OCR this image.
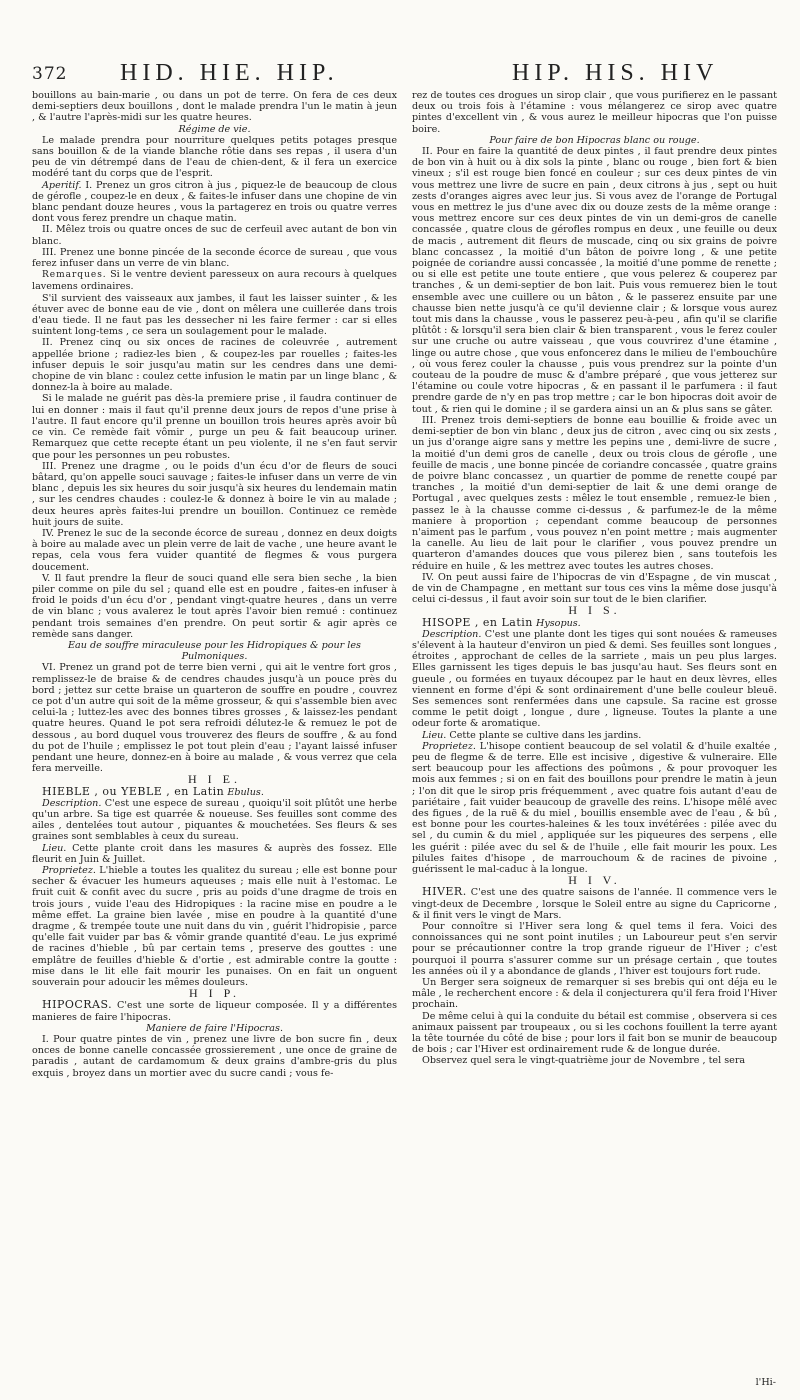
372 HID. HIE. HIP.	HIP. HIS. HIV

bouillons au bain-marie , ou dans un pot de terre. On fera de ces deux demi-septiers deux bouillons , dont le malade prendra l'un le matin à jeun , & l'autre l'après-midi sur les quatre heures.

Régime de vie.

Le malade prendra pour nourriture quelques petits potages presque sans bouillon & de la viande blanche rôtie dans ses repas , il usera d'un peu de vin détrempé dans de l'eau de chien-dent, & il fera un exercice modéré tant du corps que de l'esprit.

Aperitif. I. Prenez un gros citron à jus , piquez-le de beaucoup de clous de gérofle , coupez-le en deux , & faites-le infuser dans une chopine de vin blanc pendant douze heures , vous la partagerez en trois ou quatre verres dont vous ferez prendre un chaque matin.

II. Mêlez trois ou quatre onces de suc de cerfeuil avec autant de bon vin blanc.

III. Prenez une bonne pincée de la seconde écorce de sureau , que vous ferez infuser dans un verre de vin blanc.

Remarques. Si le ventre devient paresseux on aura recours à quelques lavemens ordinaires.

S'il survient des vaisseaux aux jambes, il faut les laisser suinter , & les étuver avec de bonne eau de vie , dont on mêlera une cuillerée dans trois d'eau tiede. Il ne faut pas les dessecher ni les faire fermer : car si elles suintent long-tems , ce sera un soulagement pour le malade.

II. Prenez cinq ou six onces de racines de coleuvrée , autrement appellée brione ; radiez-les bien , & coupez-les par rouelles ; faites-les infuser depuis le soir jusqu'au matin sur les cendres dans une demi-chopine de vin blanc : coulez cette infusion le matin par un linge blanc , & donnez-la à boire au malade.

Si le malade ne guérit pas dès-la premiere prise , il faudra continuer de lui en donner : mais il faut qu'il prenne deux jours de repos d'une prise à l'autre. Il faut encore qu'il prenne un bouillon trois heures après avoir bû ce vin. Ce remède fait vômir , purge un peu & fait beaucoup uriner. Remarquez que cette recepte étant un peu violente, il ne s'en faut servir que pour les personnes un peu robustes.

III. Prenez une dragme , ou le poids d'un écu d'or de fleurs de souci bâtard, qu'on appelle souci sauvage ; faites-le infuser dans un verre de vin blanc , depuis les six heures du soir jusqu'à six heures du lendemain matin , sur les cendres chaudes : coulez-le & donnez à boire le vin au malade ; deux heures après faites-lui prendre un bouillon. Continuez ce remède huit jours de suite.

IV. Prenez le suc de la seconde écorce de sureau , donnez en deux doigts à boire au malade avec un plein verre de lait de vache , une heure avant le repas, cela vous fera vuider quantité de flegmes & vous purgera doucement.

V. Il faut prendre la fleur de souci quand elle sera bien seche , la bien piler comme on pile du sel ; quand elle est en poudre , faites-en infuser à froid le poids d'un écu d'or , pendant vingt-quatre heures , dans un verre de vin blanc ; vous avalerez le tout après l'avoir bien remué : continuez pendant trois semaines d'en prendre. On peut sortir & agir après ce remède sans danger.

Eau de souffre miraculeuse pour les Hidropiques & pour les Pulmoniques.

VI. Prenez un grand pot de terre bien verni , qui ait le ventre fort gros , remplissez-le de braise & de cendres chaudes jusqu'à un pouce près du bord ; jettez sur cette braise un quarteron de souffre en poudre , couvrez ce pot d'un autre qui soit de la même grosseur, & qui s'assemble bien avec celui-la ; luttez-les avec des bonnes tibres grosses , & laissez-les pendant quatre heures. Quand le pot sera refroidi délutez-le & remuez le pot de dessous , au bord duquel vous trouverez des fleurs de souffre , & au fond du pot de l'huile ; emplissez le pot tout plein d'eau ; l'ayant laissé infuser pendant une heure, donnez-en à boire au malade , & vous verrez que cela fera merveille.

H I E.

HIEBLE , ou YEBLE , en Latin Ebulus.

Description. C'est une espece de sureau , quoiqu'il soit plûtôt une herbe qu'un arbre. Sa tige est quarrée & noueuse. Ses feuilles sont comme des ailes , dentelées tout autour , piquantes & mouchetées. Ses fleurs & ses graines sont semblables à ceux du sureau.

Lieu. Cette plante croit dans les masures & auprès des fossez. Elle fleurit en Juin & Juillet.

Proprietez. L'hieble a toutes les qualitez du sureau ; elle est bonne pour secher & évacuer les humeurs aqueuses ; mais elle nuit à l'estomac. Le fruit cuit & confit avec du sucre , pris au poids d'une dragme de trois en trois jours , vuide l'eau des Hidropiques : la racine mise en poudre a le même effet. La graine bien lavée , mise en poudre à la quantité d'une dragme , & trempée toute une nuit dans du vin , guérit l'hidropisie , parce qu'elle fait vuider par bas & vômir grande quantité d'eau. Le jus exprimé de racines d'hieble , bû par certain tems , preserve des gouttes : une emplâtre de feuilles d'hieble & d'ortie , est admirable contre la goutte : mise dans le lit elle fait mourir les punaises. On en fait un onguent souverain pour adoucir les mêmes douleurs.

H I P.

HIPOCRAS. C'est une sorte de liqueur composée. Il y a différentes manieres de faire l'hipocras.

Maniere de faire l'Hipocras.

I. Pour quatre pintes de vin , prenez une livre de bon sucre fin , deux onces de bonne canelle concassée grossierement , une once de graine de paradis , autant de cardamomum & deux grains d'ambre-gris du plus exquis , broyez dans un mortier avec du sucre candi ; vous fe-

rez de toutes ces drogues un sirop clair , que vous purifierez en le passant deux ou trois fois à l'étamine : vous mélangerez ce sirop avec quatre pintes d'excellent vin , & vous aurez le meilleur hipocras que l'on puisse boire.

Pour faire de bon Hipocras blanc ou rouge.

II. Pour en faire la quantité de deux pintes , il faut prendre deux pintes de bon vin à huit ou à dix sols la pinte , blanc ou rouge , bien fort & bien vineux ; s'il est rouge bien foncé en couleur ; sur ces deux pintes de vin vous mettrez une livre de sucre en pain , deux citrons à jus , sept ou huit zests d'oranges aigres avec leur jus. Si vous avez de l'orange de Portugal vous en mettrez le jus d'une avec dix ou douze zests de la même orange : vous mettrez encore sur ces deux pintes de vin un demi-gros de canelle concassée , quatre clous de gérofles rompus en deux , une feuille ou deux de macis , autrement dit fleurs de muscade, cinq ou six grains de poivre blanc concassez , la moitié d'un bâton de poivre long , & une petite poignée de coriandre aussi concassée , la moitié d'une pomme de renette ; ou si elle est petite une toute entiere , que vous pelerez & couperez par tranches , & un demi-septier de bon lait. Puis vous remuerez bien le tout ensemble avec une cuillere ou un bâton , & le passerez ensuite par une chausse bien nette jusqu'à ce qu'il devienne clair ; & lorsque vous aurez tout mis dans la chausse , vous le passerez peu-à-peu , afin qu'il se clarifie plûtôt : & lorsqu'il sera bien clair & bien transparent , vous le ferez couler sur une cruche ou autre vaisseau , que vous couvrirez d'une étamine , linge ou autre chose , que vous enfoncerez dans le milieu de l'embouchûre , où vous ferez couler la chausse , puis vous prendrez sur la pointe d'un couteau de la poudre de musc & d'ambre préparé , que vous jetterez sur l'étamine ou coule votre hipocras , & en passant il le parfumera : il faut prendre garde de n'y en pas trop mettre ; car le bon hipocras doit avoir de tout , & rien qui le domine ; il se gardera ainsi un an & plus sans se gâter.

III. Prenez trois demi-septiers de bonne eau bouillie & froide avec un demi-septier de bon vin blanc , deux jus de citron , avec cinq ou six zests , un jus d'orange aigre sans y mettre les pepins une , demi-livre de sucre , la moitié d'un demi gros de canelle , deux ou trois clous de gérofle , une feuille de macis , une bonne pincée de coriandre concassée , quatre grains de poivre blanc concassez , un quartier de pomme de renette coupé par tranches , la moitié d'un demi-septier de lait & une demi orange de Portugal , avec quelques zests : mêlez le tout ensemble , remuez-le bien , passez le à la chausse comme ci-dessus , & parfumez-le de la même maniere à proportion ; cependant comme beaucoup de personnes n'aiment pas le parfum , vous pouvez n'en point mettre ; mais augmenter la canelle. Au lieu de lait pour le clarifier , vous pouvez prendre un quarteron d'amandes douces que vous pilerez bien , sans toutefois les réduire en huile , & les mettrez avec toutes les autres choses.

IV. On peut aussi faire de l'hipocras de vin d'Espagne , de vin muscat , de vin de Champagne , en mettant sur tous ces vins la même dose jusqu'à celui ci-dessus , il faut avoir soin sur tout de le bien clarifier.

H I S.

HISOPE , en Latin Hysopus.

Description. C'est une plante dont les tiges qui sont nouées & rameuses s'élevent à la hauteur d'environ un pied & demi. Ses feuilles sont longues , étroites , approchant de celles de la sarriete , mais un peu plus larges. Elles garnissent les tiges depuis le bas jusqu'au haut. Ses fleurs sont en gueule , ou formées en tuyaux découpez par le haut en deux lèvres, elles viennent en forme d'épi & sont ordinairement d'une belle couleur bleuë. Ses semences sont renfermées dans une capsule. Sa racine est grosse comme le petit doigt , longue , dure , ligneuse. Toutes la plante a une odeur forte & aromatique.

Lieu. Cette plante se cultive dans les jardins.

Proprietez. L'hisope contient beaucoup de sel volatil & d'huile exaltée , peu de flegme & de terre. Elle est incisive , digestive & vulneraire. Elle sert beaucoup pour les affections des poûmons , & pour provoquer les mois aux femmes ; si on en fait des bouillons pour prendre le matin à jeun ; l'on dit que le sirop pris fréquemment , avec quatre fois autant d'eau de pariétaire , fait vuider beaucoup de gravelle des reins. L'hisope mêlé avec des figues , de la ruë & du miel , bouillis ensemble avec de l'eau , & bû , est bonne pour les courtes-haleines & les toux invétérées : pilée avec du sel , du cumin & du miel , appliquée sur les piqueures des serpens , elle les guérit : pilée avec du sel & de l'huile , elle fait mourir les poux. Les pilules faites d'hisope , de marrouchoum & de racines de pivoine , guérissent le mal-caduc à la longue.

H I V.

HIVER. C'est une des quatre saisons de l'année. Il commence vers le vingt-deux de Decembre , lorsque le Soleil entre au signe du Capricorne , & il finit vers le vingt de Mars.

Pour connoître si l'Hiver sera long & quel tems il fera. Voici des connoissances qui ne sont point inutiles ; un Laboureur peut s'en servir pour se précautionner contre la trop grande rigueur de l'Hiver ; c'est pourquoi il pourra s'assurer comme sur un présage certain , que toutes les années où il y a abondance de glands , l'hiver est toujours fort rude.

Un Berger sera soigneux de remarquer si ses brebis qui ont déja eu le mâle , le recherchent encore : & dela il conjecturera qu'il fera froid l'Hiver prochain.

De même celui à qui la conduite du bétail est commise , observera si ces animaux paissent par troupeaux , ou si les cochons fouillent la terre ayant la tête tournée du côté de bise ; pour lors il fait bon se munir de beaucoup de bois ; car l'Hiver est ordinairement rude & de longue durée.

Observez quel sera le vingt-quatrième jour de Novembre , tel sera

l'Hi-
